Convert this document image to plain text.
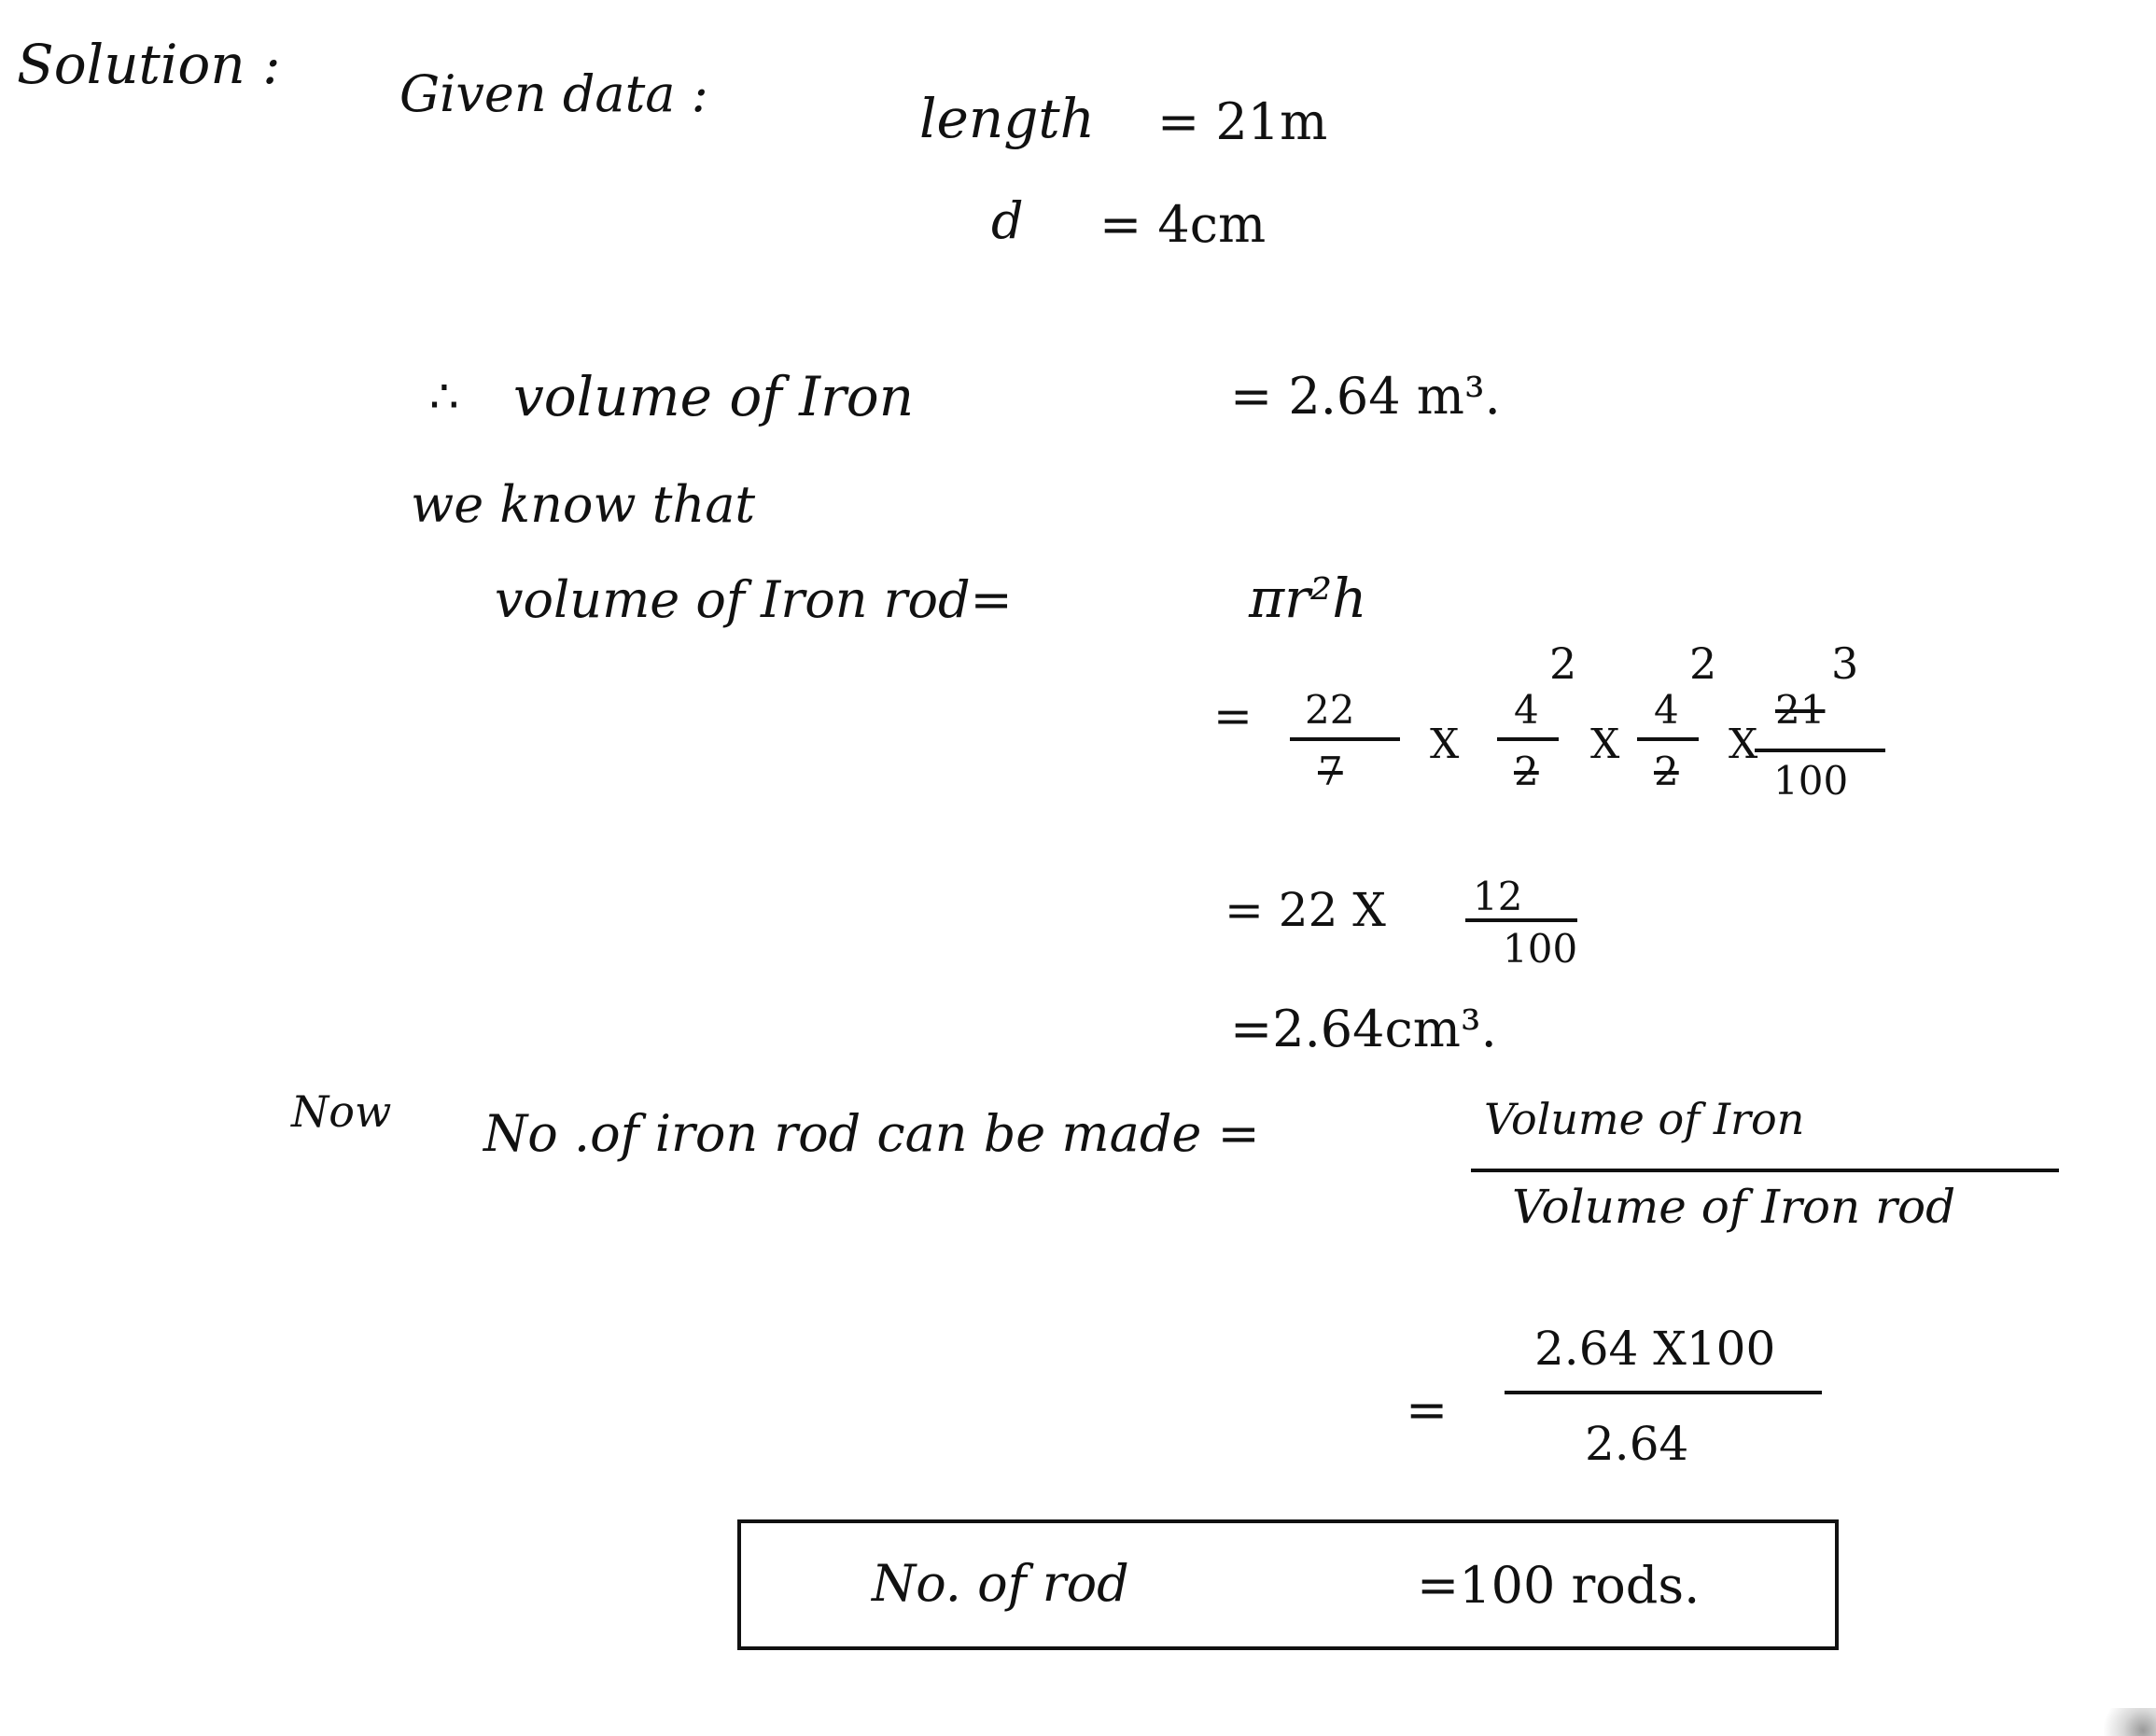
Solution : Given data :	length = 21m
d = 4cm
∴ volume of Iron	= 2.64 m³.
we know that
volume of Iron rod=	πr²h
2	2	3
= 22
7
X
4
2
X
4
2
X
21
100
= 22 X 12
100
=2.64cm³.
Now No .of iron rod can be made =	Volume of Iron
Volume of Iron rod
=
2.64 X100
2.64
No. of rod	=100 rods.
